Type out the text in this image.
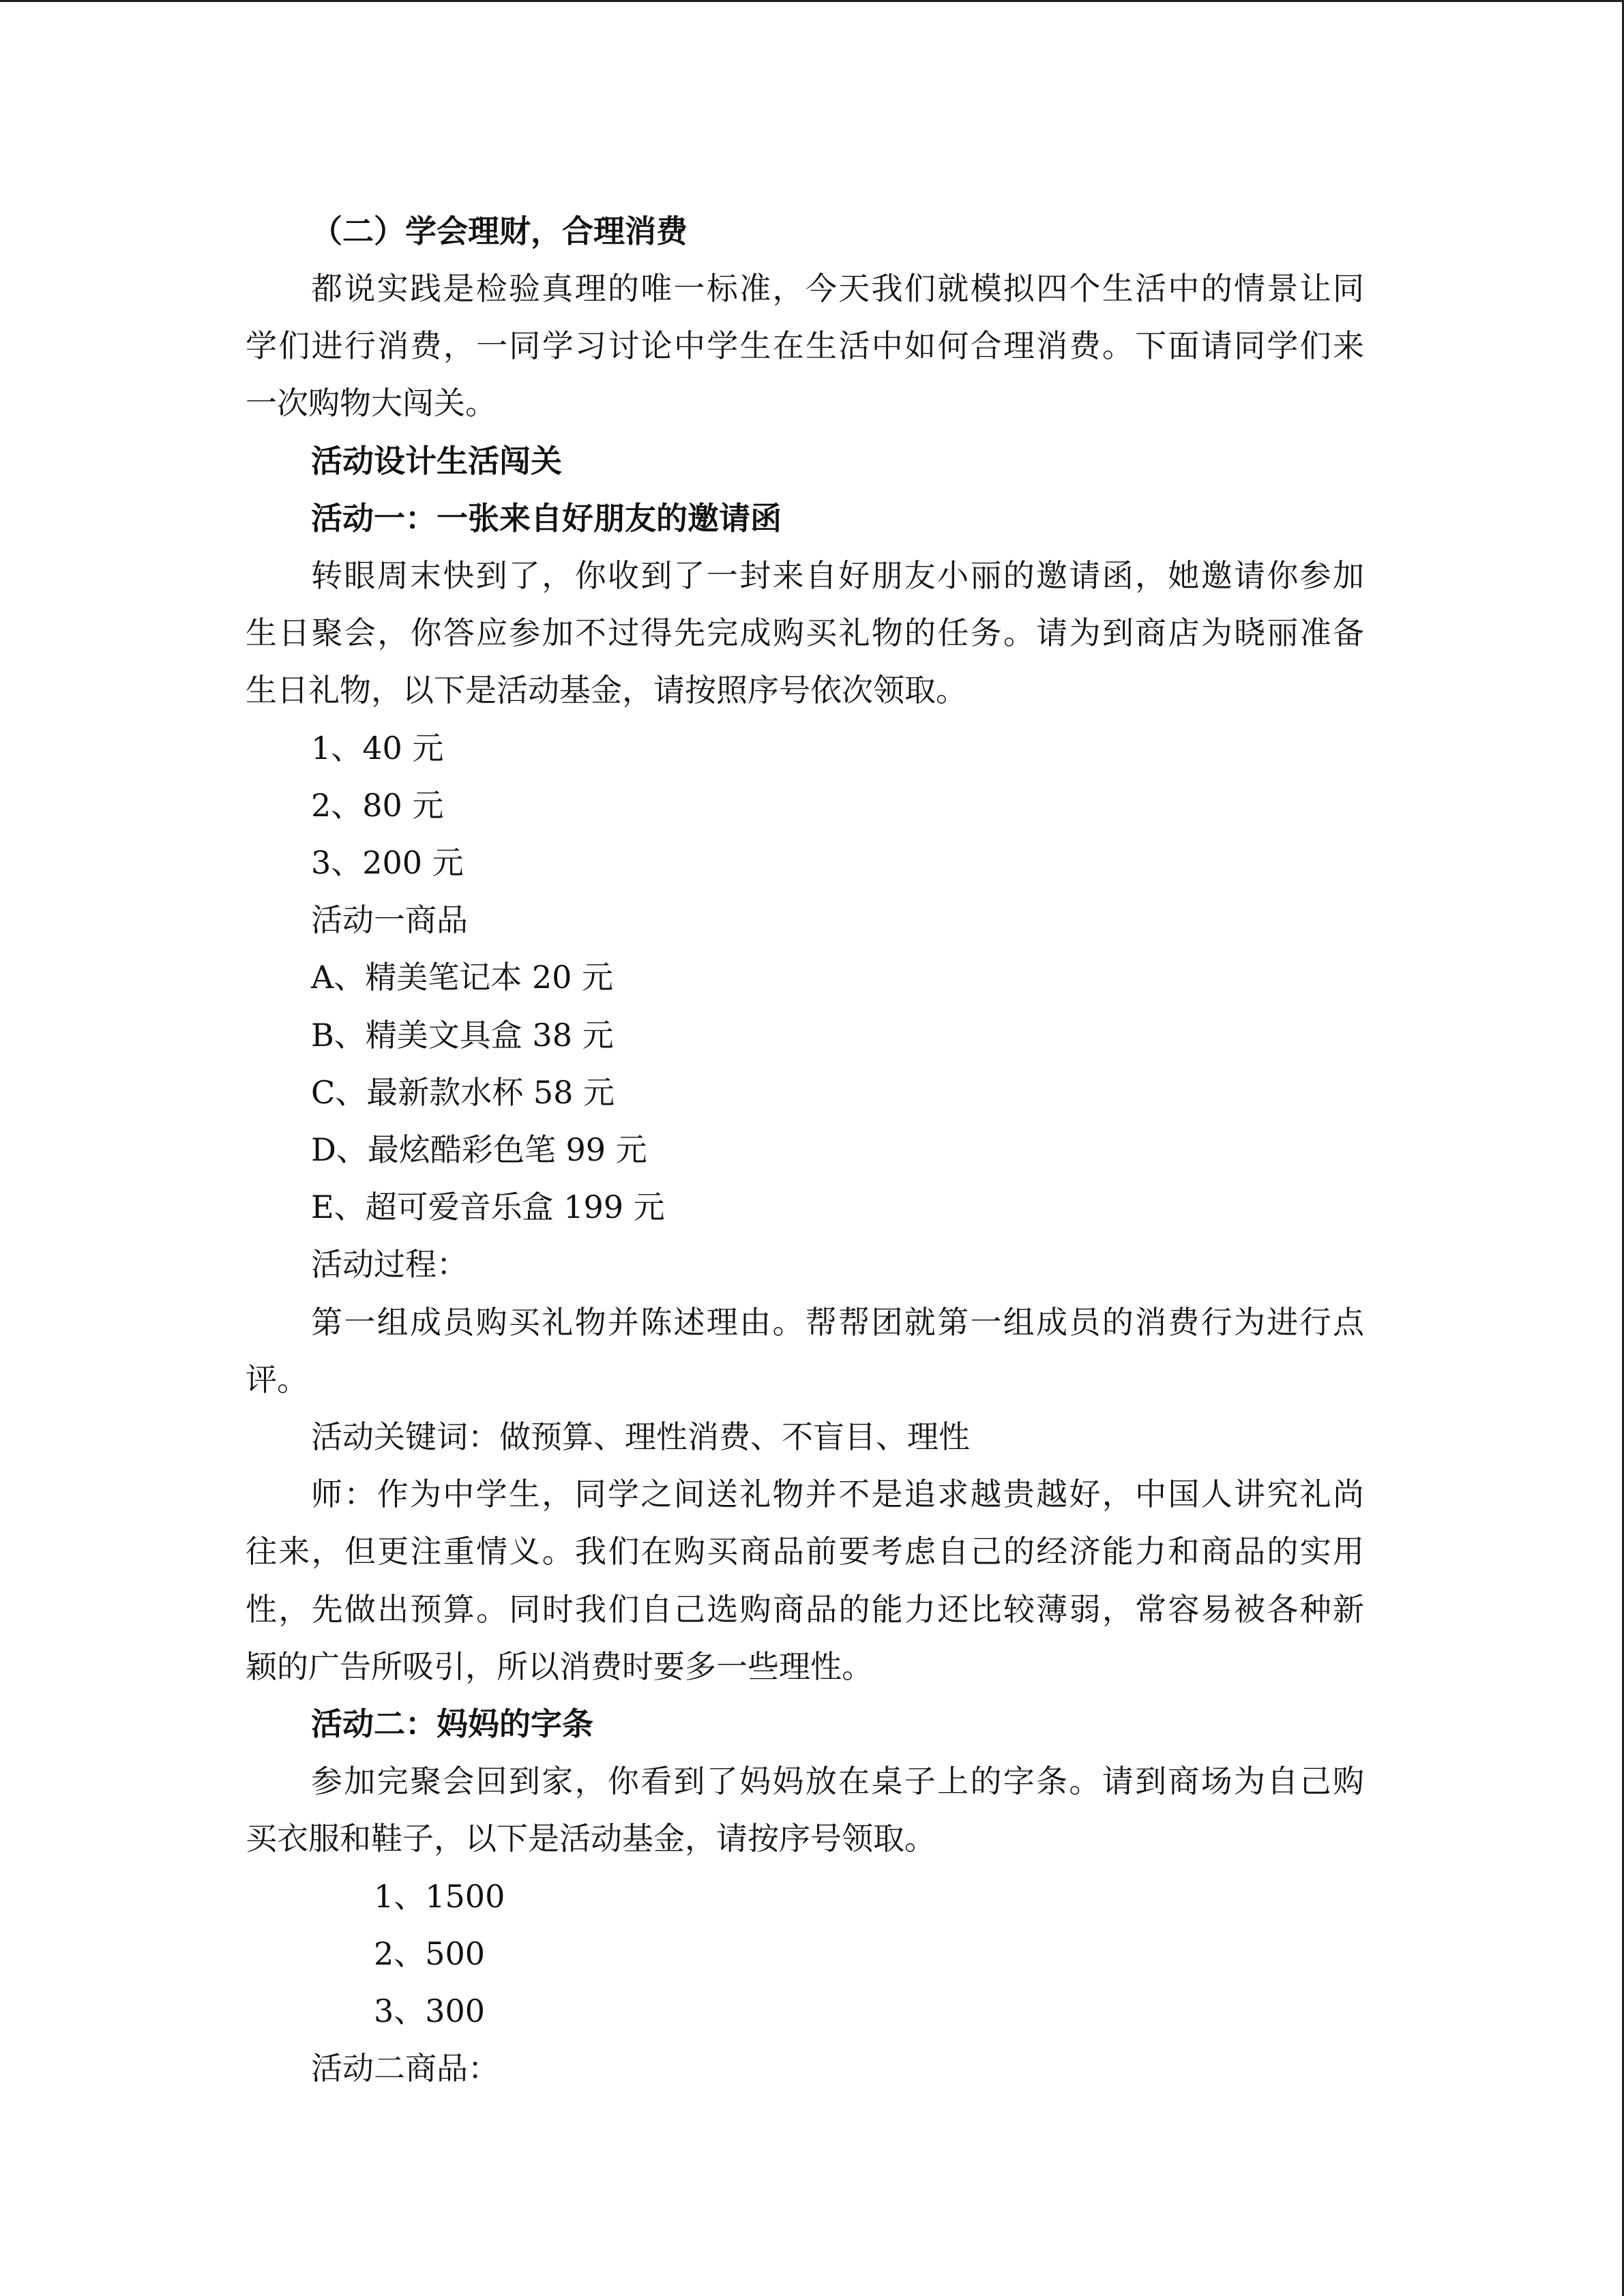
（二）学会理财，合理消费
都说实践是检验真理的唯一标准，今天我们就模拟四个生活中的情景让同
学们进行消费，一同学习讨论中学生在生活中如何合理消费。下面请同学们来
一次购物大闯关。
活动设计生活闯关
活动一：一张来自好朋友的邀请函
转眼周末快到了，你收到了一封来自好朋友小丽的邀请函，她邀请你参加
生日聚会，你答应参加不过得先完成购买礼物的任务。请为到商店为晓丽准备
生日礼物，以下是活动基金，请按照序号依次领取。
1、40 元
2、80 元
3、200 元
活动一商品
A、精美笔记本 20 元
B、精美文具盒 38 元
C、最新款水杯 58 元
D、最炫酷彩色笔 99 元
E、超可爱音乐盒 199 元
活动过程：
第一组成员购买礼物并陈述理由。帮帮团就第一组成员的消费行为进行点
评。
活动关键词：做预算、理性消费、不盲目、理性
师：作为中学生，同学之间送礼物并不是追求越贵越好，中国人讲究礼尚
往来，但更注重情义。我们在购买商品前要考虑自己的经济能力和商品的实用
性，先做出预算。同时我们自己选购商品的能力还比较薄弱，常容易被各种新
颖的广告所吸引，所以消费时要多一些理性。
活动二：妈妈的字条
参加完聚会回到家，你看到了妈妈放在桌子上的字条。请到商场为自己购
买衣服和鞋子，以下是活动基金，请按序号领取。
1、1500
2、500
3、300
活动二商品：
